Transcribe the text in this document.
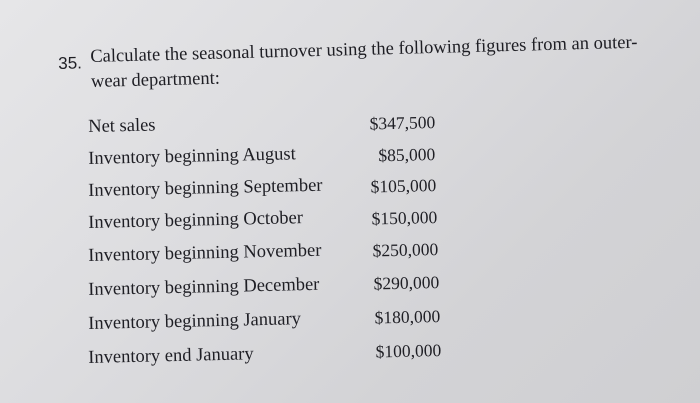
35. Calculate the seasonal turnover using the following figures from an outer-
wear department:
Net sales	$347,500
Inventory beginning August	$85,000
Inventory beginning September	$105,000
Inventory beginning October	$150,000
Inventory beginning November	$250,000
Inventory beginning December	$290,000
Inventory beginning January	$180,000
Inventory end January	$100,000
